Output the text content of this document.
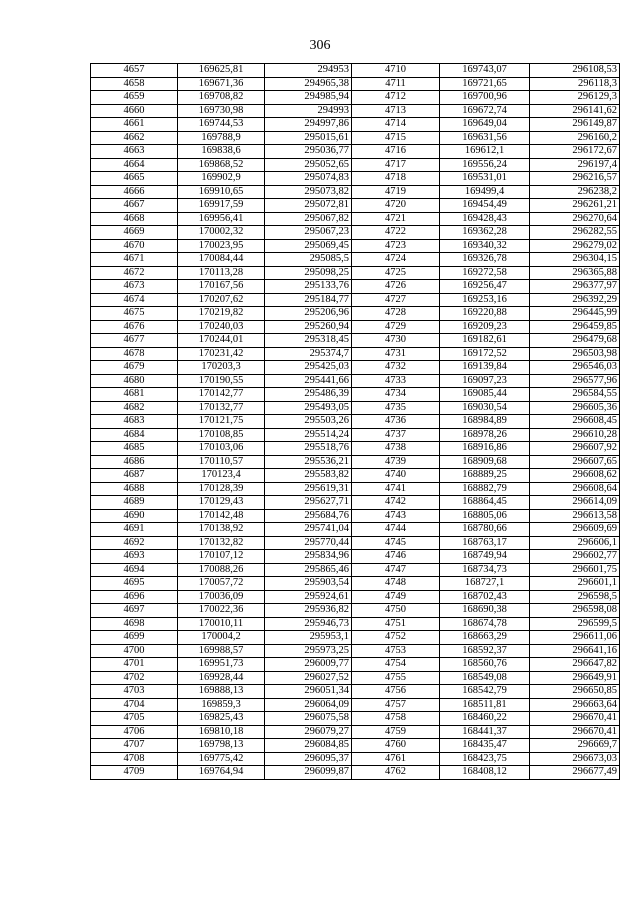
306
4657	169625,81	294953	4710	169743,07	296108,53
4658	169671,36	294965,38	4711	169721,65	296118,3
4659	169708,82	294985,94	4712	169700,96	296129,3
4660	169730,98	294993	4713	169672,74	296141,62
4661	169744,53	294997,86	4714	169649,04	296149,87
4662	169788,9	295015,61	4715	169631,56	296160,2
4663	169838,6	295036,77	4716	169612,1	296172,67
4664	169868,52	295052,65	4717	169556,24	296197,4
4665	169902,9	295074,83	4718	169531,01	296216,57
4666	169910,65	295073,82	4719	169499,4	296238,2
4667	169917,59	295072,81	4720	169454,49	296261,21
4668	169956,41	295067,82	4721	169428,43	296270,64
4669	170002,32	295067,23	4722	169362,28	296282,55
4670	170023,95	295069,45	4723	169340,32	296279,02
4671	170084,44	295085,5	4724	169326,78	296304,15
4672	170113,28	295098,25	4725	169272,58	296365,88
4673	170167,56	295133,76	4726	169256,47	296377,97
4674	170207,62	295184,77	4727	169253,16	296392,29
4675	170219,82	295206,96	4728	169220,88	296445,99
4676	170240,03	295260,94	4729	169209,23	296459,85
4677	170244,01	295318,45	4730	169182,61	296479,68
4678	170231,42	295374,7	4731	169172,52	296503,98
4679	170203,3	295425,03	4732	169139,84	296546,03
4680	170190,55	295441,66	4733	169097,23	296577,96
4681	170142,77	295486,39	4734	169085,44	296584,55
4682	170132,77	295493,05	4735	169030,54	296605,36
4683	170121,75	295503,26	4736	168984,89	296608,45
4684	170108,85	295514,24	4737	168978,26	296610,28
4685	170103,06	295518,76	4738	168916,86	296607,92
4686	170110,57	295536,21	4739	168909,68	296607,65
4687	170123,4	295583,82	4740	168889,25	296608,62
4688	170128,39	295619,31	4741	168882,79	296608,64
4689	170129,43	295627,71	4742	168864,45	296614,09
4690	170142,48	295684,76	4743	168805,06	296613,58
4691	170138,92	295741,04	4744	168780,66	296609,69
4692	170132,82	295770,44	4745	168763,17	296606,1
4693	170107,12	295834,96	4746	168749,94	296602,77
4694	170088,26	295865,46	4747	168734,73	296601,75
4695	170057,72	295903,54	4748	168727,1	296601,1
4696	170036,09	295924,61	4749	168702,43	296598,5
4697	170022,36	295936,82	4750	168690,38	296598,08
4698	170010,11	295946,73	4751	168674,78	296599,5
4699	170004,2	295953,1	4752	168663,29	296611,06
4700	169988,57	295973,25	4753	168592,37	296641,16
4701	169951,73	296009,77	4754	168560,76	296647,82
4702	169928,44	296027,52	4755	168549,08	296649,91
4703	169888,13	296051,34	4756	168542,79	296650,85
4704	169859,3	296064,09	4757	168511,81	296663,64
4705	169825,43	296075,58	4758	168460,22	296670,41
4706	169810,18	296079,27	4759	168441,37	296670,41
4707	169798,13	296084,85	4760	168435,47	296669,7
4708	169775,42	296095,37	4761	168423,75	296673,03
4709	169764,94	296099,87	4762	168408,12	296677,49
